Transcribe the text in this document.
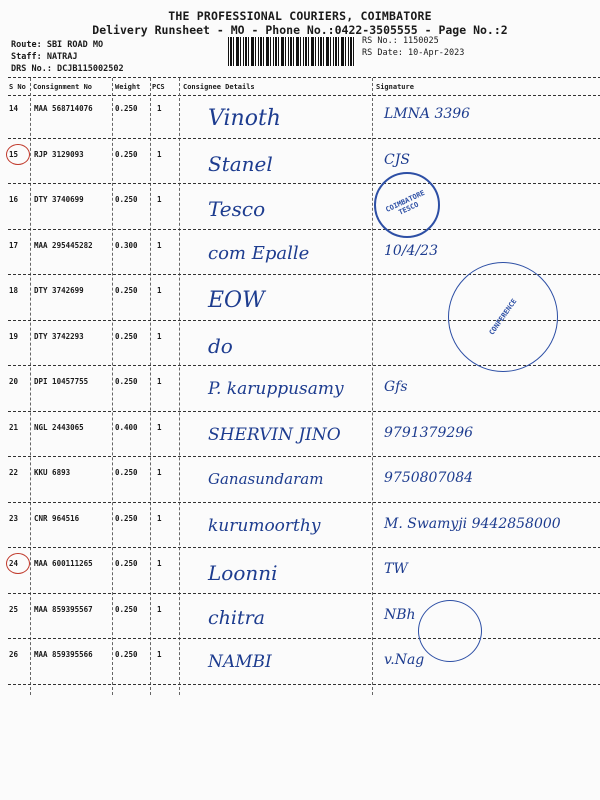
THE PROFESSIONAL COURIERS, COIMBATORE
Delivery Runsheet - MO - Phone No.:0422-3505555 - Page No.:2
Route: SBI ROAD MO
Staff: NATRAJ
DRS No.: DCJB115002502
RS No.: 1150025
RS Date: 10-Apr-2023
S No Consignment No	Weight PCS	Consignee Details	Signature
14 MAA 568714076	0.250	1 Vinoth	LMNA 3396
15 RJP 3129093	0.250	1 Stanel	CJS
16 DTY 3740699	0.250	1 Tesco
17 MAA 295445282	0.300	1	com Epalle	10/4/23
18 DTY 3742699	0.250	1 EOW
19 DTY 3742293	0.250	1 do
20 DPI 10457755	0.250	1	P. karuppusamy	Gfs
21 NGL 2443065	0.400	1	SHERVIN JINO	9791379296
22 KKU 6893	0.250	1	Ganasundaram	9750807084
23 CNR 964516	0.250	1	kurumoorthy	M. Swamyji 9442858000
24 MAA 600111265	0.250	1 Loonni	TW
25 MAA 859395567	0.250	1 chitra	NBh
26 MAA 859395566	0.250	1	NAMBI	v.Nag
COIMBATORE TESCO
CONFERENCE
